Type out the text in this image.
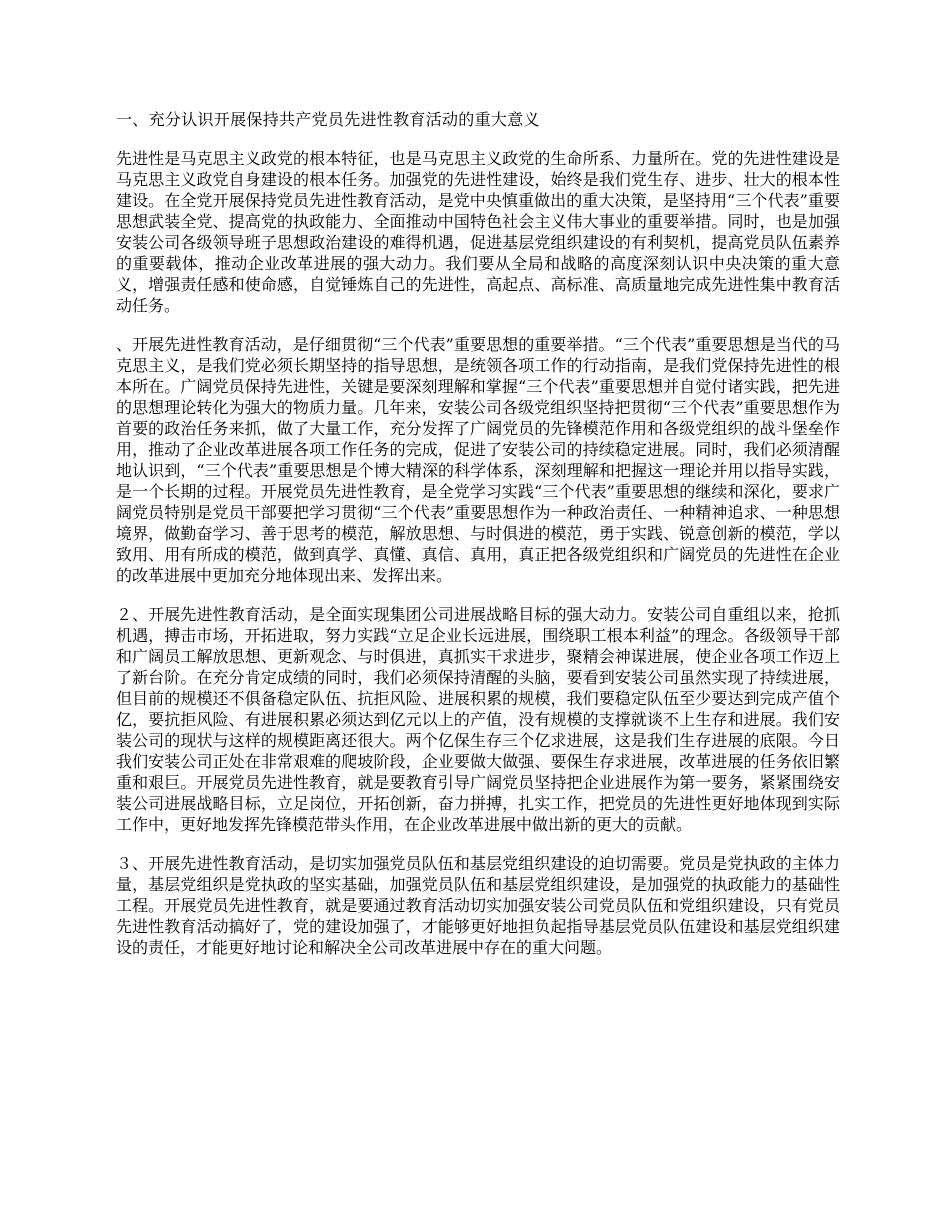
一、充分认识开展保持共产党员先进性教育活动的重大意义

先进性是马克思主义政党的根本特征，也是马克思主义政党的生命所系、力量所在。党的先进性建设是马克思主义政党自身建设的根本任务。加强党的先进性建设，始终是我们党生存、进步、壮大的根本性建设。在全党开展保持党员先进性教育活动，是党中央慎重做出的重大决策，是坚持用“三个代表”重要思想武装全党、提高党的执政能力、全面推动中国特色社会主义伟大事业的重要举措。同时，也是加强安装公司各级领导班子思想政治建设的难得机遇，促进基层党组织建设的有利契机，提高党员队伍素养的重要载体，推动企业改革进展的强大动力。我们要从全局和战略的高度深刻认识中央决策的重大意义，增强责任感和使命感，自觉锤炼自己的先进性，高起点、高标准、高质量地完成先进性集中教育活动任务。

、开展先进性教育活动，是仔细贯彻“三个代表”重要思想的重要举措。“三个代表”重要思想是当代的马克思主义，是我们党必须长期坚持的指导思想，是统领各项工作的行动指南，是我们党保持先进性的根本所在。广阔党员保持先进性，关键是要深刻理解和掌握“三个代表”重要思想并自觉付诸实践，把先进的思想理论转化为强大的物质力量。几年来，安装公司各级党组织坚持把贯彻“三个代表”重要思想作为首要的政治任务来抓，做了大量工作，充分发挥了广阔党员的先锋模范作用和各级党组织的战斗堡垒作用，推动了企业改革进展各项工作任务的完成，促进了安装公司的持续稳定进展。同时，我们必须清醒地认识到，“三个代表”重要思想是个博大精深的科学体系，深刻理解和把握这一理论并用以指导实践，是一个长期的过程。开展党员先进性教育，是全党学习实践“三个代表”重要思想的继续和深化，要求广阔党员特别是党员干部要把学习贯彻“三个代表”重要思想作为一种政治责任、一种精神追求、一种思想境界，做勤奋学习、善于思考的模范，解放思想、与时俱进的模范，勇于实践、锐意创新的模范，学以致用、用有所成的模范，做到真学、真懂、真信、真用，真正把各级党组织和广阔党员的先进性在企业的改革进展中更加充分地体现出来、发挥出来。

２、开展先进性教育活动，是全面实现集团公司进展战略目标的强大动力。安装公司自重组以来，抢抓机遇，搏击市场，开拓进取，努力实践“立足企业长远进展，围绕职工根本利益”的理念。各级领导干部和广阔员工解放思想、更新观念、与时俱进，真抓实干求进步，聚精会神谋进展，使企业各项工作迈上了新台阶。在充分肯定成绩的同时，我们必须保持清醒的头脑，要看到安装公司虽然实现了持续进展，但目前的规模还不俱备稳定队伍、抗拒风险、进展积累的规模，我们要稳定队伍至少要达到完成产值个亿，要抗拒风险、有进展积累必须达到亿元以上的产值，没有规模的支撑就谈不上生存和进展。我们安装公司的现状与这样的规模距离还很大。两个亿保生存三个亿求进展，这是我们生存进展的底限。今日我们安装公司正处在非常艰难的爬坡阶段，企业要做大做强、要保生存求进展，改革进展的任务依旧繁重和艰巨。开展党员先进性教育，就是要教育引导广阔党员坚持把企业进展作为第一要务，紧紧围绕安装公司进展战略目标，立足岗位，开拓创新，奋力拼搏，扎实工作，把党员的先进性更好地体现到实际工作中，更好地发挥先锋模范带头作用，在企业改革进展中做出新的更大的贡献。

３、开展先进性教育活动，是切实加强党员队伍和基层党组织建设的迫切需要。党员是党执政的主体力量，基层党组织是党执政的坚实基础，加强党员队伍和基层党组织建设，是加强党的执政能力的基础性工程。开展党员先进性教育，就是要通过教育活动切实加强安装公司党员队伍和党组织建设，只有党员先进性教育活动搞好了，党的建设加强了，才能够更好地担负起指导基层党员队伍建设和基层党组织建设的责任，才能更好地讨论和解决全公司改革进展中存在的重大问题。
